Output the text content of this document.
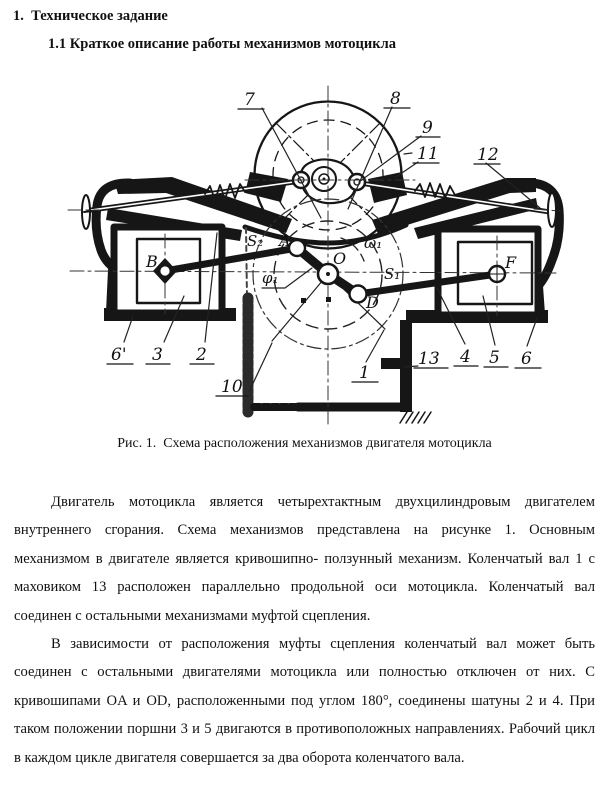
1.  Техническое задание
1.1 Краткое описание работы механизмов мотоцикла
7	8
9
11 12
6' 3 2
10
1
13 4 5 6
B	F
A
S₂
O
D
S₁
ω₁
φ₁
Рис. 1.  Схема расположения механизмов двигателя мотоцикла

Двигатель мотоцикла является четырехтактным двухцилиндровым двигателем внутреннего сгорания. Схема механизмов представлена на рисунке 1. Основным механизмом в двигателе является кривошипно- ползунный механизм. Коленчатый вал 1 с маховиком 13 расположен параллельно продольной оси мотоцикла. Коленчатый вал соединен с остальными механизмами муфтой сцепления.

В зависимости от расположения муфты сцепления коленчатый вал может быть соединен с остальными двигателями мотоцикла или полностью отключен от них. С кривошипами OA и OD, расположенными под углом 180°, соединены шатуны 2 и 4. При таком положении поршни 3 и 5 двигаются в противоположных направлениях. Рабочий цикл в каждом цикле двигателя совершается за два оборота коленчатого вала.
